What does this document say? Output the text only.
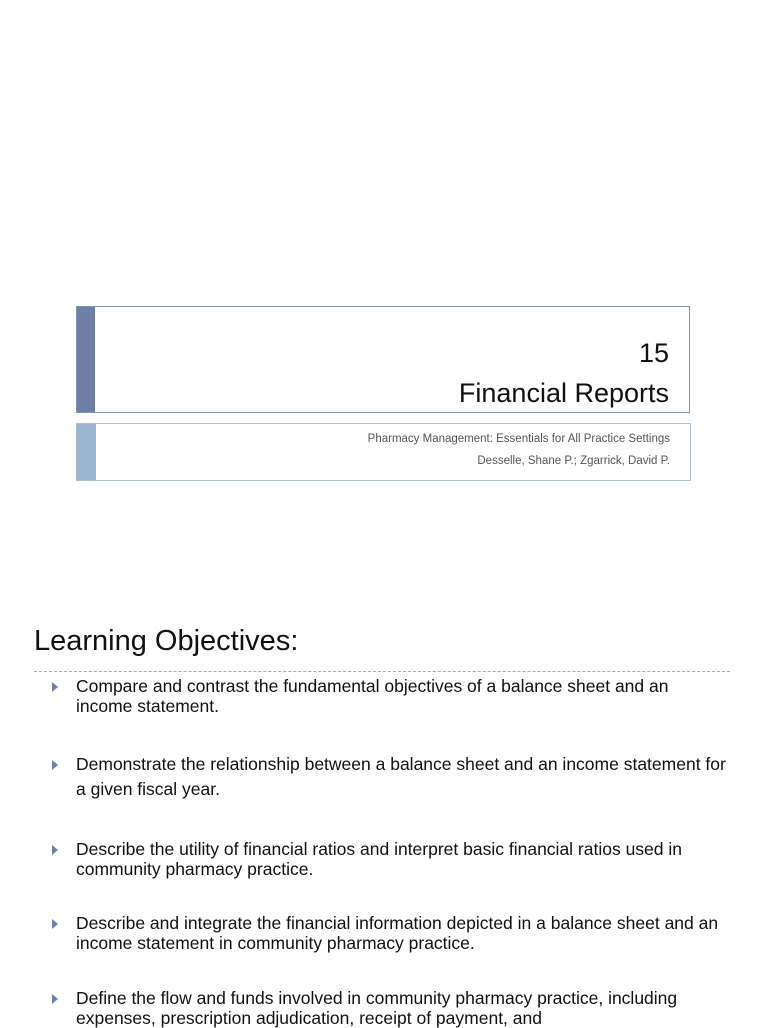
15
Financial Reports
Pharmacy Management: Essentials for All Practice Settings
Desselle, Shane P.; Zgarrick, David P.
Learning Objectives:
Compare and contrast the fundamental objectives of a balance sheet and an income statement.
Demonstrate the relationship between a balance sheet and an income statement for a given fiscal year.
Describe the utility of financial ratios and interpret basic financial ratios used in community pharmacy practice.
Describe and integrate the financial information depicted in a balance sheet and an income statement in community pharmacy practice.
Define the flow and funds involved in community pharmacy practice, including expenses, prescription adjudication, receipt of payment, and
